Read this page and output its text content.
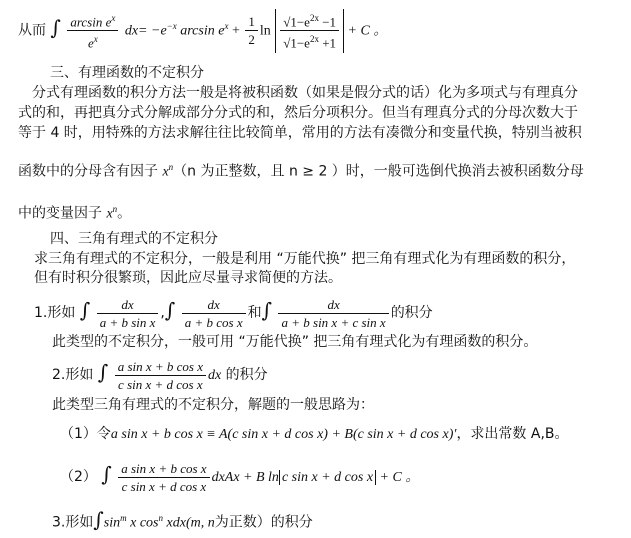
从而 ∫ $\frac{\arcsin e^x}{e^x} dx= -e^{-x}$ $\arcsin e^x + \frac{1}{2}$ $\ln \frac{√1-e^{2x} -1}{√1-e^{2x} +1} + C$ 。
三、有理函数的不定积分
分式有理函数的积分方法一般是将被积函数（如果是假分式的话）化为多项式与有理真分
式的和，再把真分式分解成部分分式的和，然后分项积分。但当有理真分式的分母次数大于
等于 4 时，用特殊的方法求解往往比较简单，常用的方法有凑微分和变量代换，特别当被积
函数中的分母含有因子 $x^n(n$ 为正整数，且 n ≥ 2 ）时，一般可选倒代换消去被积函数分母
中的变量因子 $x^n$。
四、三角有理式的不定积分
求三角有理式的不定积分，一般是利用 “万能代换” 把三角有理式化为有理函数的积分，
但有时积分很繁琐，因此应尽量寻求简便的方法。
1.形如 ∫ $\frac{dx}{\text{a + b sin x}}$ ,∫ $\frac{dx}{\text{a + b cos x}}$ 和∫ $\frac{dx}{\text{a + b sin x + c sin x}}$ 的积分
此类型的不定积分，一般可用 “万能代换” 把三角有理式化为有理函数的积分。
2.形如 ∫ $\frac{\text{a sin x + b cos x}}{\text{c sin x + d cos x}}$ dx 的积分
此类型三角有理式的不定积分，解题的一般思路为：
（1）令a sin x + b cos x ≡ A(c sin x + d cos x) + B(c sin x + d cos x)′，求出常数 A,B。
（2） ∫ $\frac{\text{a sin x + b cos x}}{\text{c sin x + d cos x}}$ dxAx + B ln c sin x + d cos x + C 。
3.形如$\int\sin^m$ x $\cos^n xdx(m$, n为正数）的积分
